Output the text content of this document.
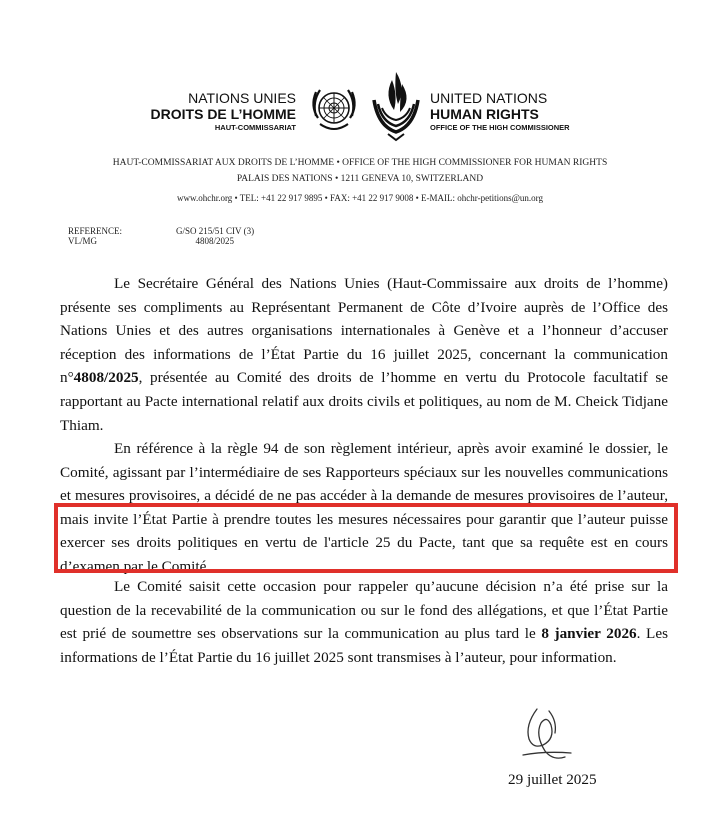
NATIONS UNIES
DROITS DE L’HOMME
HAUT-COMMISSARIAT
UNITED NATIONS
HUMAN RIGHTS
OFFICE OF THE HIGH COMMISSIONER
HAUT-COMMISSARIAT AUX DROITS DE L’HOMME • OFFICE OF THE HIGH COMMISSIONER FOR HUMAN RIGHTS
PALAIS DES NATIONS • 1211 GENEVA 10, SWITZERLAND
www.ohchr.org • TEL: +41 22 917 9895 • FAX: +41 22 917 9008 • E-MAIL: ohchr-petitions@un.org
REFERENCE:
VL/MG
G/SO 215/51 CIV (3)
4808/2025

Le Secrétaire Général des Nations Unies (Haut-Commissaire aux droits de l’homme) présente ses compliments au Représentant Permanent de Côte d’Ivoire auprès de l’Office des Nations Unies et des autres organisations internationales à Genève et a l’honneur d’accuser réception des informations de l’État Partie du 16 juillet 2025, concernant la communication n°4808/2025, présentée au Comité des droits de l’homme en vertu du Protocole facultatif se rapportant au Pacte international relatif aux droits civils et politiques, au nom de M. Cheick Tidjane Thiam.

En référence à la règle 94 de son règlement intérieur, après avoir examiné le dossier, le Comité, agissant par l’intermédiaire de ses Rapporteurs spéciaux sur les nouvelles communications et mesures provisoires, a décidé de ne pas accéder à la demande de mesures provisoires de l’auteur, mais invite l’État Partie à prendre toutes les mesures nécessaires pour garantir que l’auteur puisse exercer ses droits politiques en vertu de l'article 25 du Pacte, tant que sa requête est en cours d’examen par le Comité.

Le Comité saisit cette occasion pour rappeler qu’aucune décision n’a été prise sur la question de la recevabilité de la communication ou sur le fond des allégations, et que l’État Partie est prié de soumettre ses observations sur la communication au plus tard le 8 janvier 2026. Les informations de l’État Partie du 16 juillet 2025 sont transmises à l’auteur, pour information.

29 juillet 2025
